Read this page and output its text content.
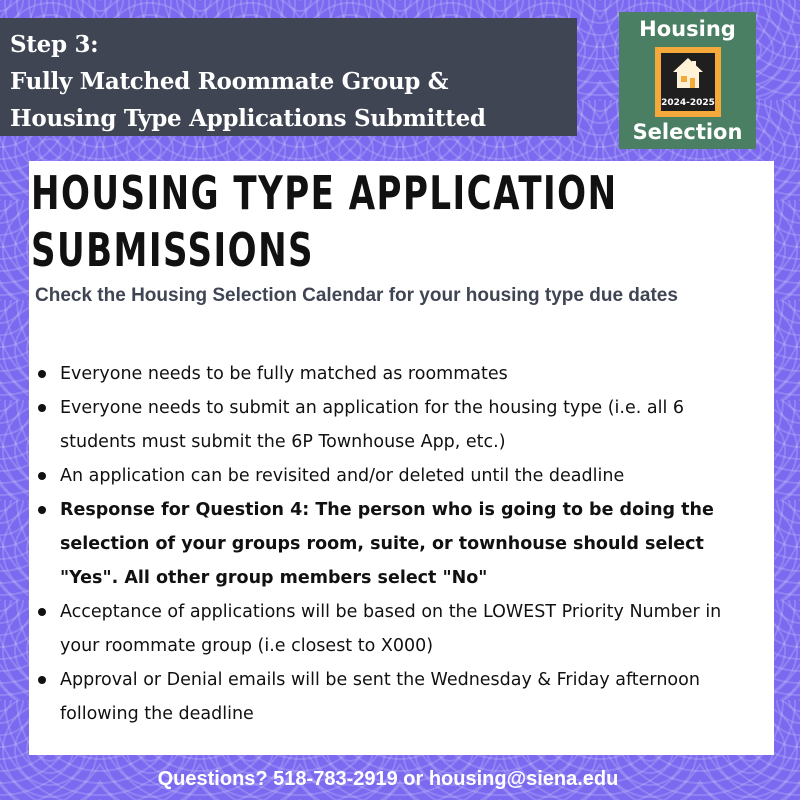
Step 3:
Fully Matched Roommate Group &
Housing Type Applications Submitted
Housing
2024-2025
Selection
HOUSING TYPE APPLICATION
SUBMISSIONS
Check the Housing Selection Calendar for your housing type due dates
Everyone needs to be fully matched as roommates
Everyone needs to submit an application for the housing type (i.e. all 6 students must submit the 6P Townhouse App, etc.)
An application can be revisited and/or deleted until the deadline
Response for Question 4: The person who is going to be doing the selection of your groups room, suite, or townhouse should select "Yes". All other group members select "No"
Acceptance of applications will be based on the LOWEST Priority Number in your roommate group (i.e closest to X000)
Approval or Denial emails will be sent the Wednesday & Friday afternoon following the deadline
Questions? 518-783-2919 or housing@siena.edu
